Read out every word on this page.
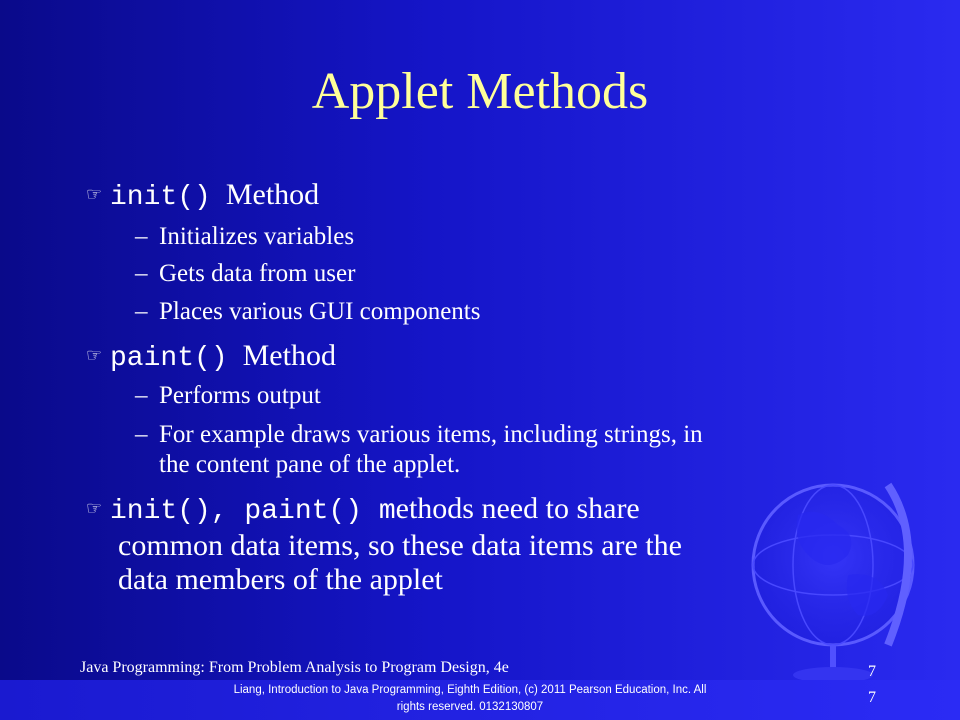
Applet Methods
☞ init() Method
– Initializes variables
– Gets data from user
– Places various GUI components
☞ paint() Method
– Performs output
– For example draws various items, including strings, in
the content pane of the applet.
☞ init(), paint() methods need to share
common data items, so these data items are the
data members of the applet
Java Programming: From Problem Analysis to Program Design, 4e
Liang, Introduction to Java Programming, Eighth Edition, (c) 2011 Pearson Education, Inc. All
rights reserved. 0132130807
7
7
